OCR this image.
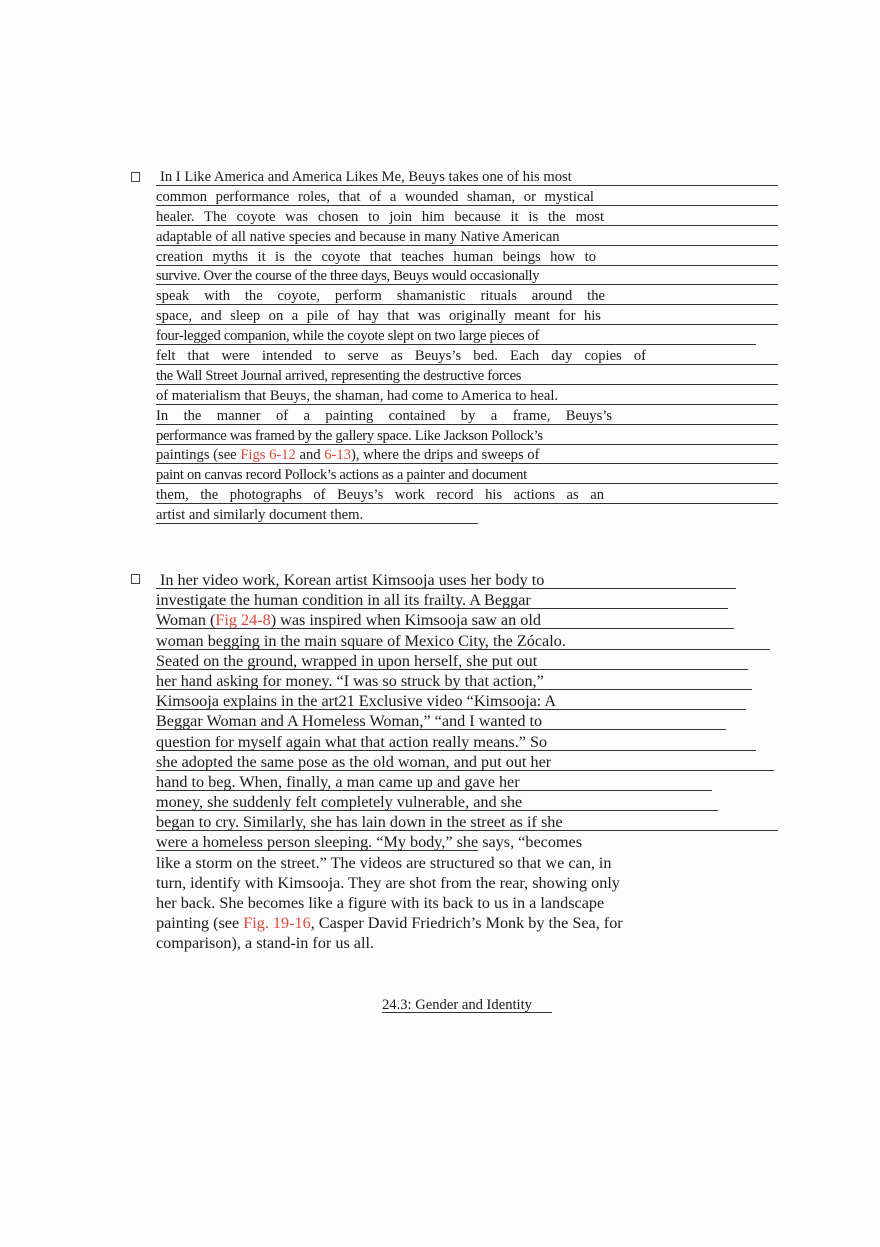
In I Like America and America Likes Me, Beuys takes one of his most
common performance roles, that of a wounded shaman, or mystical
healer. The coyote was chosen to join him because it is the most
adaptable of all native species and because in many Native American
creation myths it is the coyote that teaches human beings how to
survive. Over the course of the three days, Beuys would occasionally
speak with the coyote, perform shamanistic rituals around the
space, and sleep on a pile of hay that was originally meant for his
four-legged companion, while the coyote slept on two large pieces of
felt that were intended to serve as Beuys’s bed. Each day copies of
the Wall Street Journal arrived, representing the destructive forces
of materialism that Beuys, the shaman, had come to America to heal.
In the manner of a painting contained by a frame, Beuys’s
performance was framed by the gallery space. Like Jackson Pollock’s
paintings (see Figs 6-12 and 6-13), where the drips and sweeps of
paint on canvas record Pollock’s actions as a painter and document
them, the photographs of Beuys’s work record his actions as an
artist and similarly document them.
In her video work, Korean artist Kimsooja uses her body to
investigate the human condition in all its frailty. A Beggar
Woman (Fig 24-8) was inspired when Kimsooja saw an old
woman begging in the main square of Mexico City, the Zócalo.
Seated on the ground, wrapped in upon herself, she put out
her hand asking for money. “I was so struck by that action,”
Kimsooja explains in the art21 Exclusive video “Kimsooja: A
Beggar Woman and A Homeless Woman,” “and I wanted to
question for myself again what that action really means.” So
she adopted the same pose as the old woman, and put out her
hand to beg. When, finally, a man came up and gave her
money, she suddenly felt completely vulnerable, and she
began to cry. Similarly, she has lain down in the street as if she
were a homeless person sleeping. “My body,” she says, “becomes
like a storm on the street.” The videos are structured so that we can, in
turn, identify with Kimsooja. They are shot from the rear, showing only
her back. She becomes like a figure with its back to us in a landscape
painting (see Fig. 19-16, Casper David Friedrich’s Monk by the Sea, for
comparison), a stand-in for us all.
24.3: Gender and Identity
